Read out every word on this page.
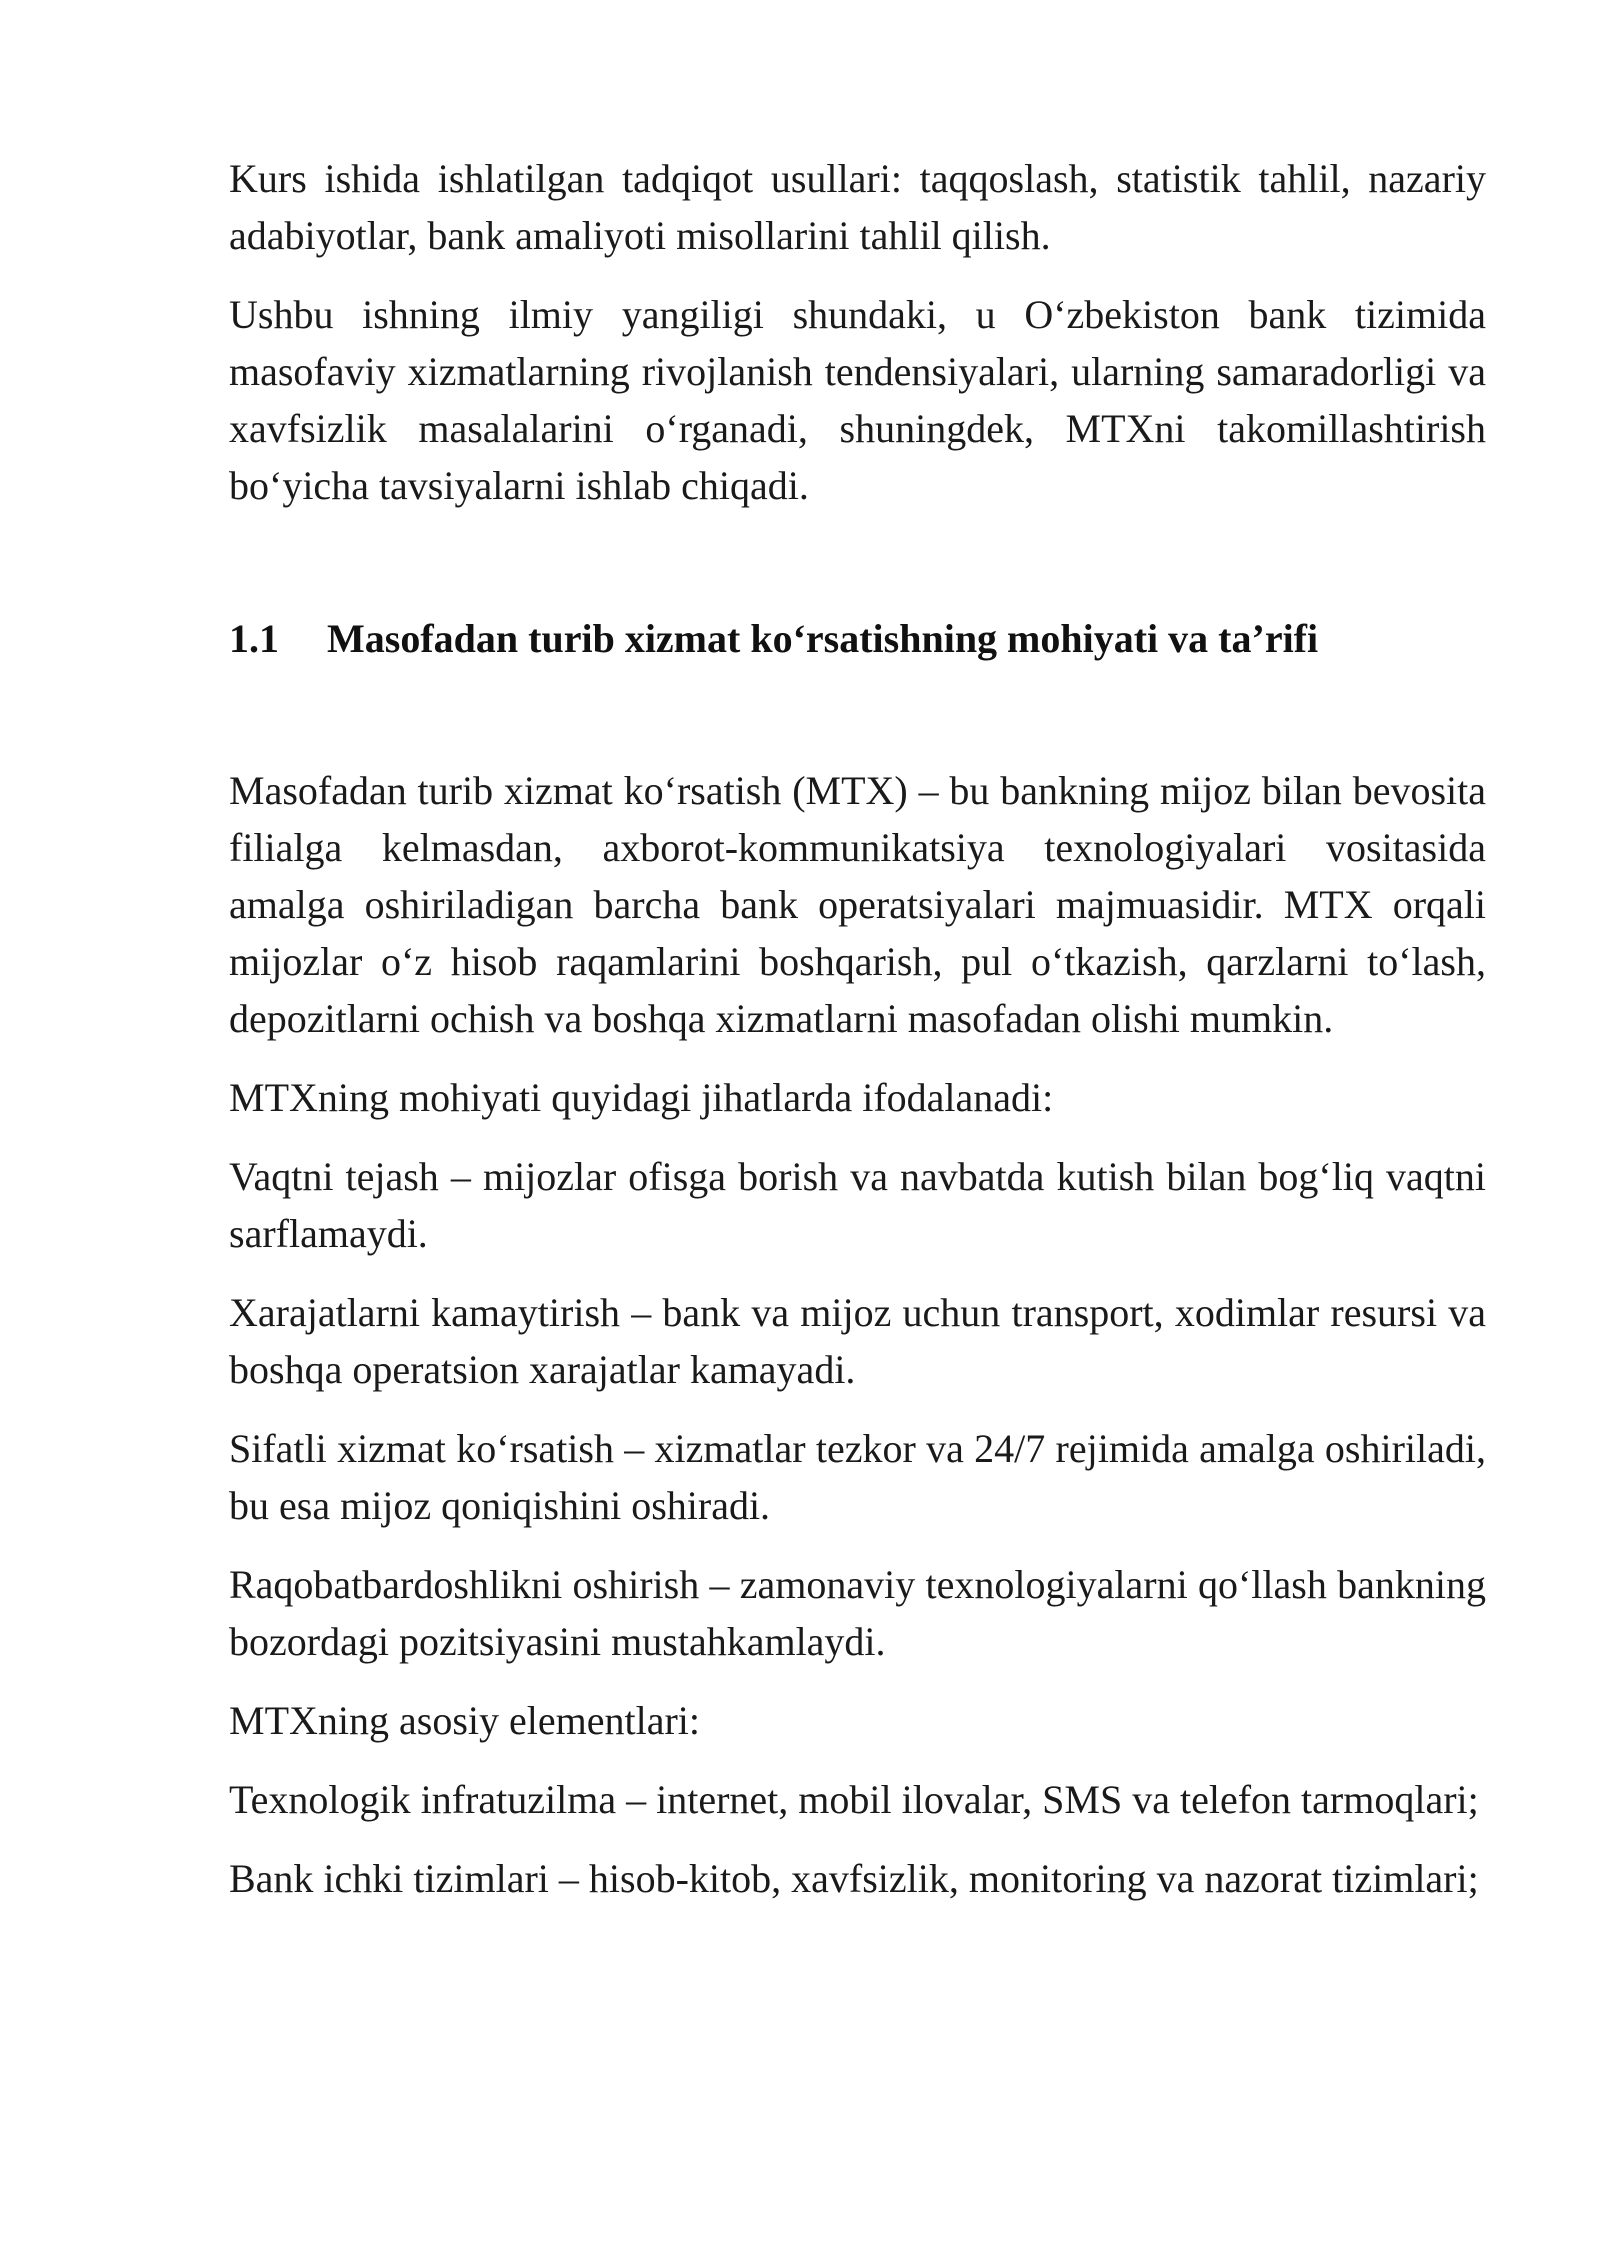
Kurs ishida ishlatilgan tadqiqot usullari: taqqoslash, statistik tahlil, nazariy adabiyotlar, bank amaliyoti misollarini tahlil qilish.

Ushbu ishning ilmiy yangiligi shundaki, u O‘zbekiston bank tizimida masofaviy xizmatlarning rivojlanish tendensiyalari, ularning samaradorligi va xavfsizlik masalalarini o‘rganadi, shuningdek, MTXni takomillashtirish bo‘yicha tavsiyalarni ishlab chiqadi.

1.1	Masofadan turib xizmat ko‘rsatishning mohiyati va ta’rifi

Masofadan turib xizmat ko‘rsatish (MTX) – bu bankning mijoz bilan bevosita filialga kelmasdan, axborot-kommunikatsiya texnologiyalari vositasida amalga oshiriladigan barcha bank operatsiyalari majmuasidir. MTX orqali mijozlar o‘z hisob raqamlarini boshqarish, pul o‘tkazish, qarzlarni to‘lash, depozitlarni ochish va boshqa xizmatlarni masofadan olishi mumkin.

MTXning mohiyati quyidagi jihatlarda ifodalanadi:

Vaqtni tejash – mijozlar ofisga borish va navbatda kutish bilan bog‘liq vaqtni sarflamaydi.

Xarajatlarni kamaytirish – bank va mijoz uchun transport, xodimlar resursi va boshqa operatsion xarajatlar kamayadi.

Sifatli xizmat ko‘rsatish – xizmatlar tezkor va 24/7 rejimida amalga oshiriladi, bu esa mijoz qoniqishini oshiradi.

Raqobatbardoshlikni oshirish – zamonaviy texnologiyalarni qo‘llash bankning bozordagi pozitsiyasini mustahkamlaydi.

MTXning asosiy elementlari:

Texnologik infratuzilma – internet, mobil ilovalar, SMS va telefon tarmoqlari;

Bank ichki tizimlari – hisob-kitob, xavfsizlik, monitoring va nazorat tizimlari;
